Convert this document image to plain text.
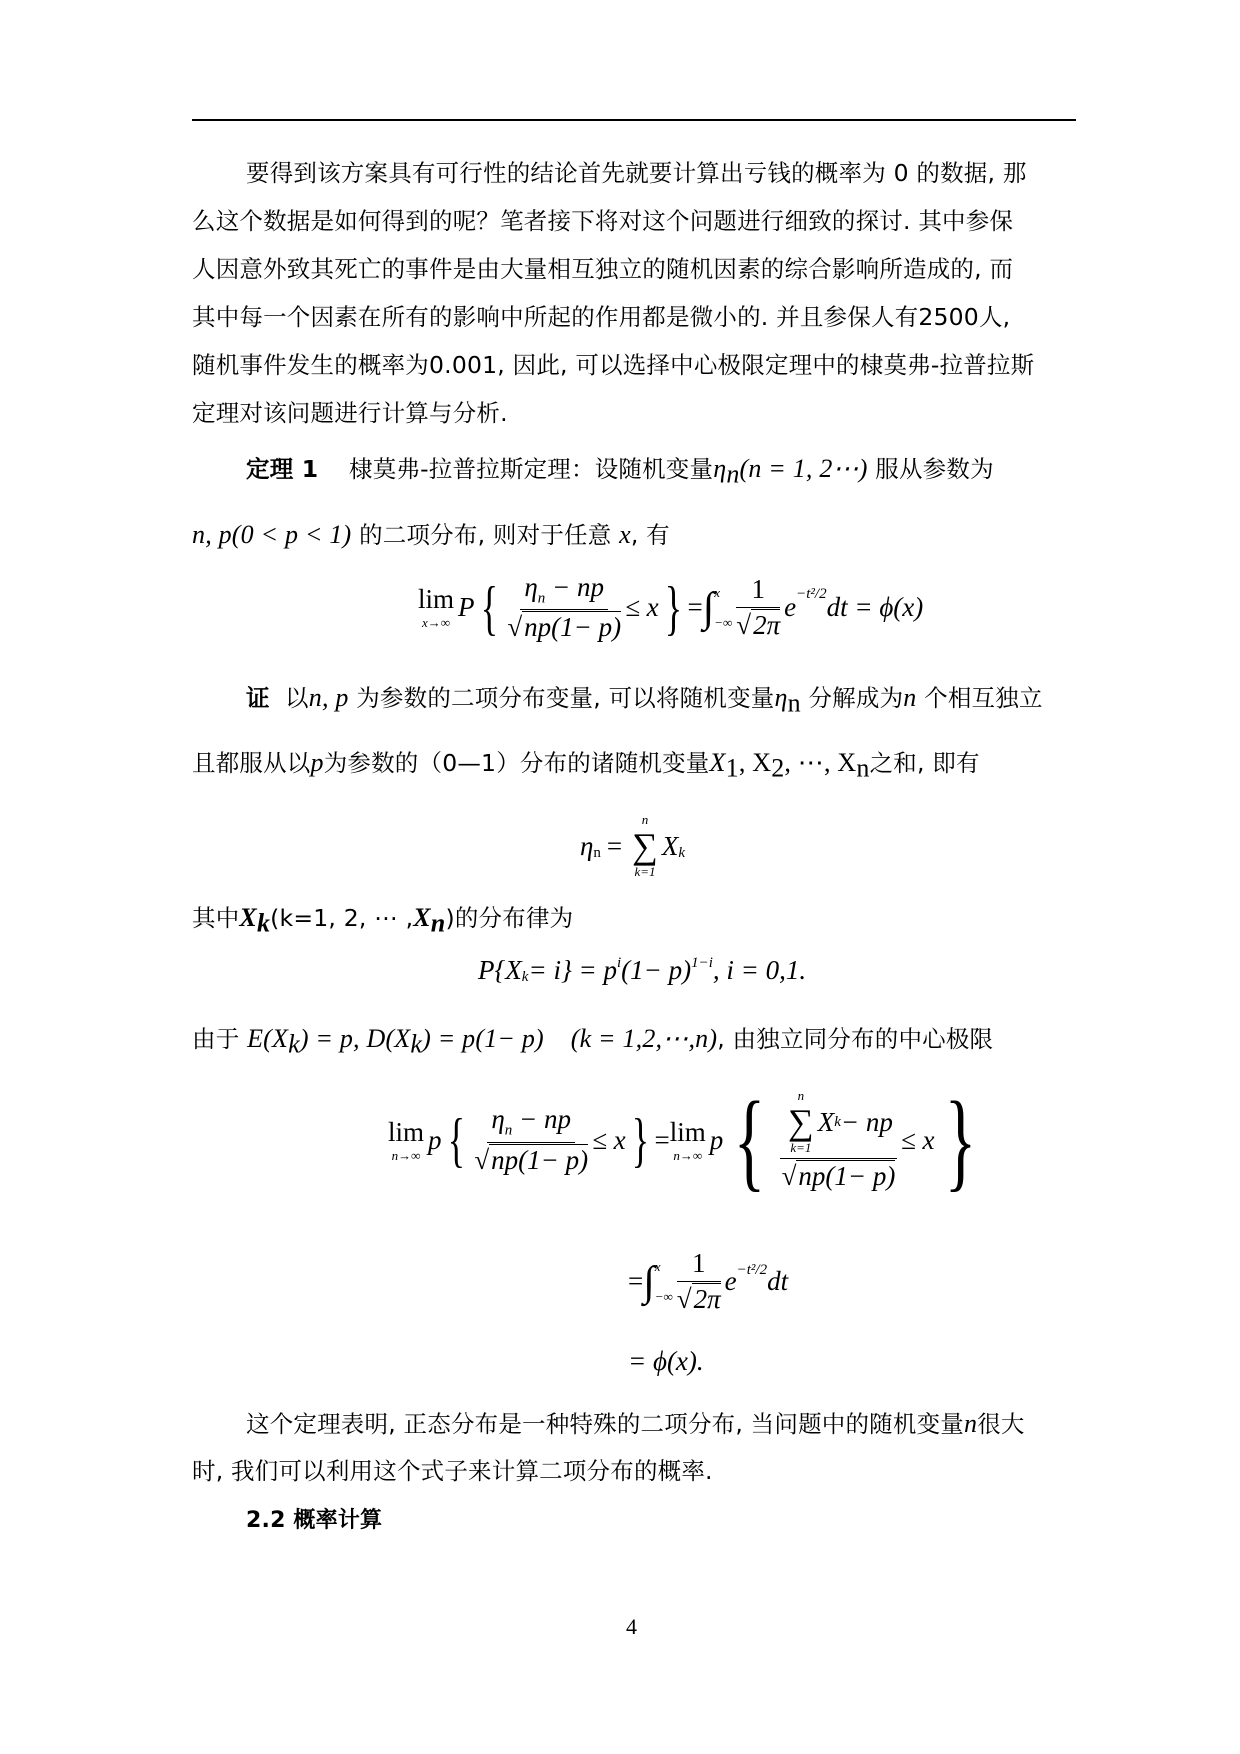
要得到该方案具有可行性的结论首先就要计算出亏钱的概率为 0 的数据, 那
么这个数据是如何得到的呢？笔者接下将对这个问题进行细致的探讨. 其中参保
人因意外致其死亡的事件是由大量相互独立的随机因素的综合影响所造成的, 而
其中每一个因素在所有的影响中所起的作用都是微小的. 并且参保人有2500人,
随机事件发生的概率为0.001, 因此, 可以选择中心极限定理中的棣莫弗-拉普拉斯
定理对该问题进行计算与分析.
定理 1 棣莫弗-拉普拉斯定理：设随机变量$\eta_n(n = 1$, 2⋯) 服从参数为
n, p(0 < p < 1) 的二项分布, 则对于任意 x, 有
lim
x→∞
P { $\frac{\eta_n - np}{√np(1- p)} \le x$ } = ∫ x
−∞ $\frac{1}{√2\pi} e^{-t^2/2}$ dt = ϕ(x)
证 以n, p 为参数的二项分布变量, 可以将随机变量$\eta_n$ 分解成为n 个相互独立
且都服从以p为参数的（0—1）分布的诸随机变量$X_1$, $X_2$, ⋯, $X_n$之和, 即有
$\eta_n$ =
n
∑
k=1
$X_k$
其中$X_k(k=1$, 2, ⋯ $,X_n$)的分布律为
$P\{X_k = i\} = p^i$ $(1- p)^{1-i}$ , i = 0,1.
由于 $E(X_k) = p$, $D(X_k) = p(1- p)$    (k = 1,2,⋯,n), 由独立同分布的中心极限
lim
n→∞
p { $\frac{\eta_n - np}{√np(1- p)} \le x$ } = lim
n→∞
p { n
∑
k=1
X k − np
√np(1− p) ≤ x }
= ∫ x
−∞ $\frac{1}{√2\pi} e^{-t^2/2}$ dt
= ϕ(x).
这个定理表明, 正态分布是一种特殊的二项分布, 当问题中的随机变量n很大
时, 我们可以利用这个式子来计算二项分布的概率.
2.2 概率计算
4
